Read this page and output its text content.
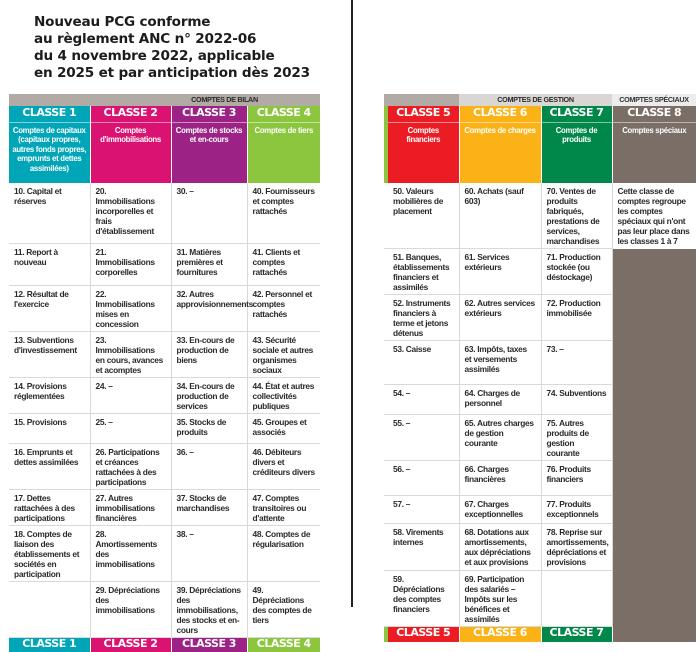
Nouveau PCG conforme
au règlement ANC n° 2022-06
du 4 novembre 2022, applicable
en 2025 et par anticipation dès 2023
COMPTES DE BILAN			
CLASSE 1	CLASSE 2	CLASSE 3	CLASSE 4
Comptes de capitaux (capitaux propres, autres fonds propres, emprunts et dettes assimilées)	Comptes d'immobilisations	Comptes de stocks et en-cours	Comptes de tiers
10. Capital et réserves	20. Immobilisations incorporelles et frais d'établissement	30. –	40. Fournisseurs et comptes rattachés
11. Report à nouveau	21. Immobilisations corporelles	31. Matières premières et fournitures	41. Clients et comptes rattachés
12. Résultat de l'exercice	22. Immobilisations mises en concession	32. Autres approvisionnements	42. Personnel et comptes rattachés
13. Subventions d'investissement	23. Immobilisations en cours, avances et acomptes	33. En-cours de production de biens	43. Sécurité sociale et autres organismes sociaux
14. Provisions réglementées	24. –	34. En-cours de production de services	44. État et autres collectivités publiques
15. Provisions	25. –	35. Stocks de produits	45. Groupes et associés
16. Emprunts et dettes assimilées	26. Participations et créances rattachées à des participations	36. –	46. Débiteurs divers et créditeurs divers
17. Dettes rattachées à des participations	27. Autres immobilisations financières	37. Stocks de marchandises	47. Comptes transitoires ou d'attente
18. Comptes de liaison des établissements et sociétés en participation	28. Amortissements des immobilisations	38. –	48. Comptes de régularisation
	29. Dépréciations des immobilisations	39. Dépréciations des immobilisations, des stocks et en-cours	49. Dépréciations des comptes de tiers
CLASSE 1	CLASSE 2	CLASSE 3	CLASSE 4
		COMPTES DE GESTION		COMPTES SPÉCIAUX
	CLASSE 5	CLASSE 6	CLASSE 7	CLASSE 8
	Comptes financiers	Comptes de charges	Comptes de produits	Comptes spéciaux
	50. Valeurs mobilières de placement	60. Achats (sauf 603)	70. Ventes de produits fabriqués, prestations de services, marchandises	Cette classe de comptes regroupe les comptes spéciaux qui n'ont pas leur place dans les classes 1 à 7
	51. Banques, établissements financiers et assimilés	61. Services extérieurs	71. Production stockée (ou déstockage)	
	52. Instruments financiers à terme et jetons détenus	62. Autres services extérieurs	72. Production immobilisée	
	53. Caisse	63. Impôts, taxes et versements assimilés	73. –	
	54. –	64. Charges de personnel	74. Subventions	
	55. –	65. Autres charges de gestion courante	75. Autres produits de gestion courante	
	56. –	66. Charges financières	76. Produits financiers	
	57. –	67. Charges exceptionnelles	77. Produits exceptionnels	
	58. Virements internes	68. Dotations aux amortissements, aux dépréciations et aux provisions	78. Reprise sur amortissements, dépréciations et provisions	
	59. Dépréciations des comptes financiers	69. Participation des salariés – Impôts sur les bénéfices et assimilés		
	CLASSE 5	CLASSE 6	CLASSE 7	
